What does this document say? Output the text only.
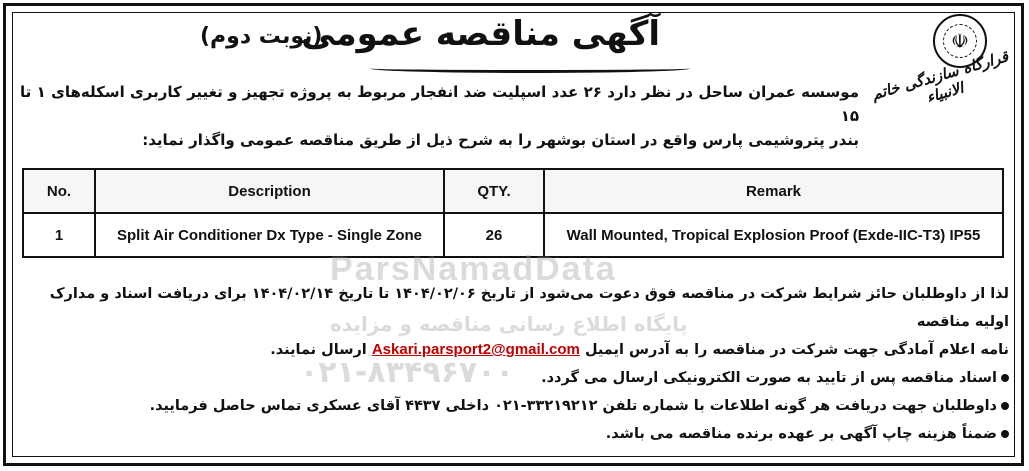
☫
قرارگاه سازندگی خاتم الانبیاء
آگهی مناقصه عمومی
(نوبت دوم)
موسسه عمران ساحل در نظر دارد ۲۶ عدد اسپلیت ضد انفجار مربوط به پروژه تجهیز و تغییر کاربری اسکله‌های ۱ تا ۱۵
بندر پتروشیمی پارس واقع در استان بوشهر را به شرح ذیل از طریق مناقصه عمومی واگذار نماید:
No.	Description	QTY.	Remark
1	Split Air Conditioner Dx Type - Single Zone	26	Wall Mounted, Tropical Explosion Proof (Exde-IIC-T3) IP55
ParsNamadData
پایگاه اطلاع رسانی مناقصه و مزایده
۰۲۱-۸۳۴۹۶۷۰۰

لذا از داوطلبان حائز شرایط شرکت در مناقصه فوق دعوت می‌شود از تاریخ ۱۴۰۴/۰۲/۰۶ تا تاریخ ۱۴۰۴/۰۲/۱۴ برای دریافت اسناد و مدارک اولیه مناقصه

نامه اعلام آمادگی جهت شرکت در مناقصه را به آدرس ایمیل Askari.parsport2@gmail.com ارسال نمایند.

اسناد مناقصه پس از تایید به صورت الکترونیکی ارسال می گردد.

داوطلبان جهت دریافت هر گونه اطلاعات با شماره تلفن ۳۳۲۱۹۲۱۲-۰۲۱ داخلی ۴۴۳۷ آقای عسکری تماس حاصل فرمایید.

ضمناً هزینه چاپ آگهی بر عهده برنده مناقصه می باشد.
